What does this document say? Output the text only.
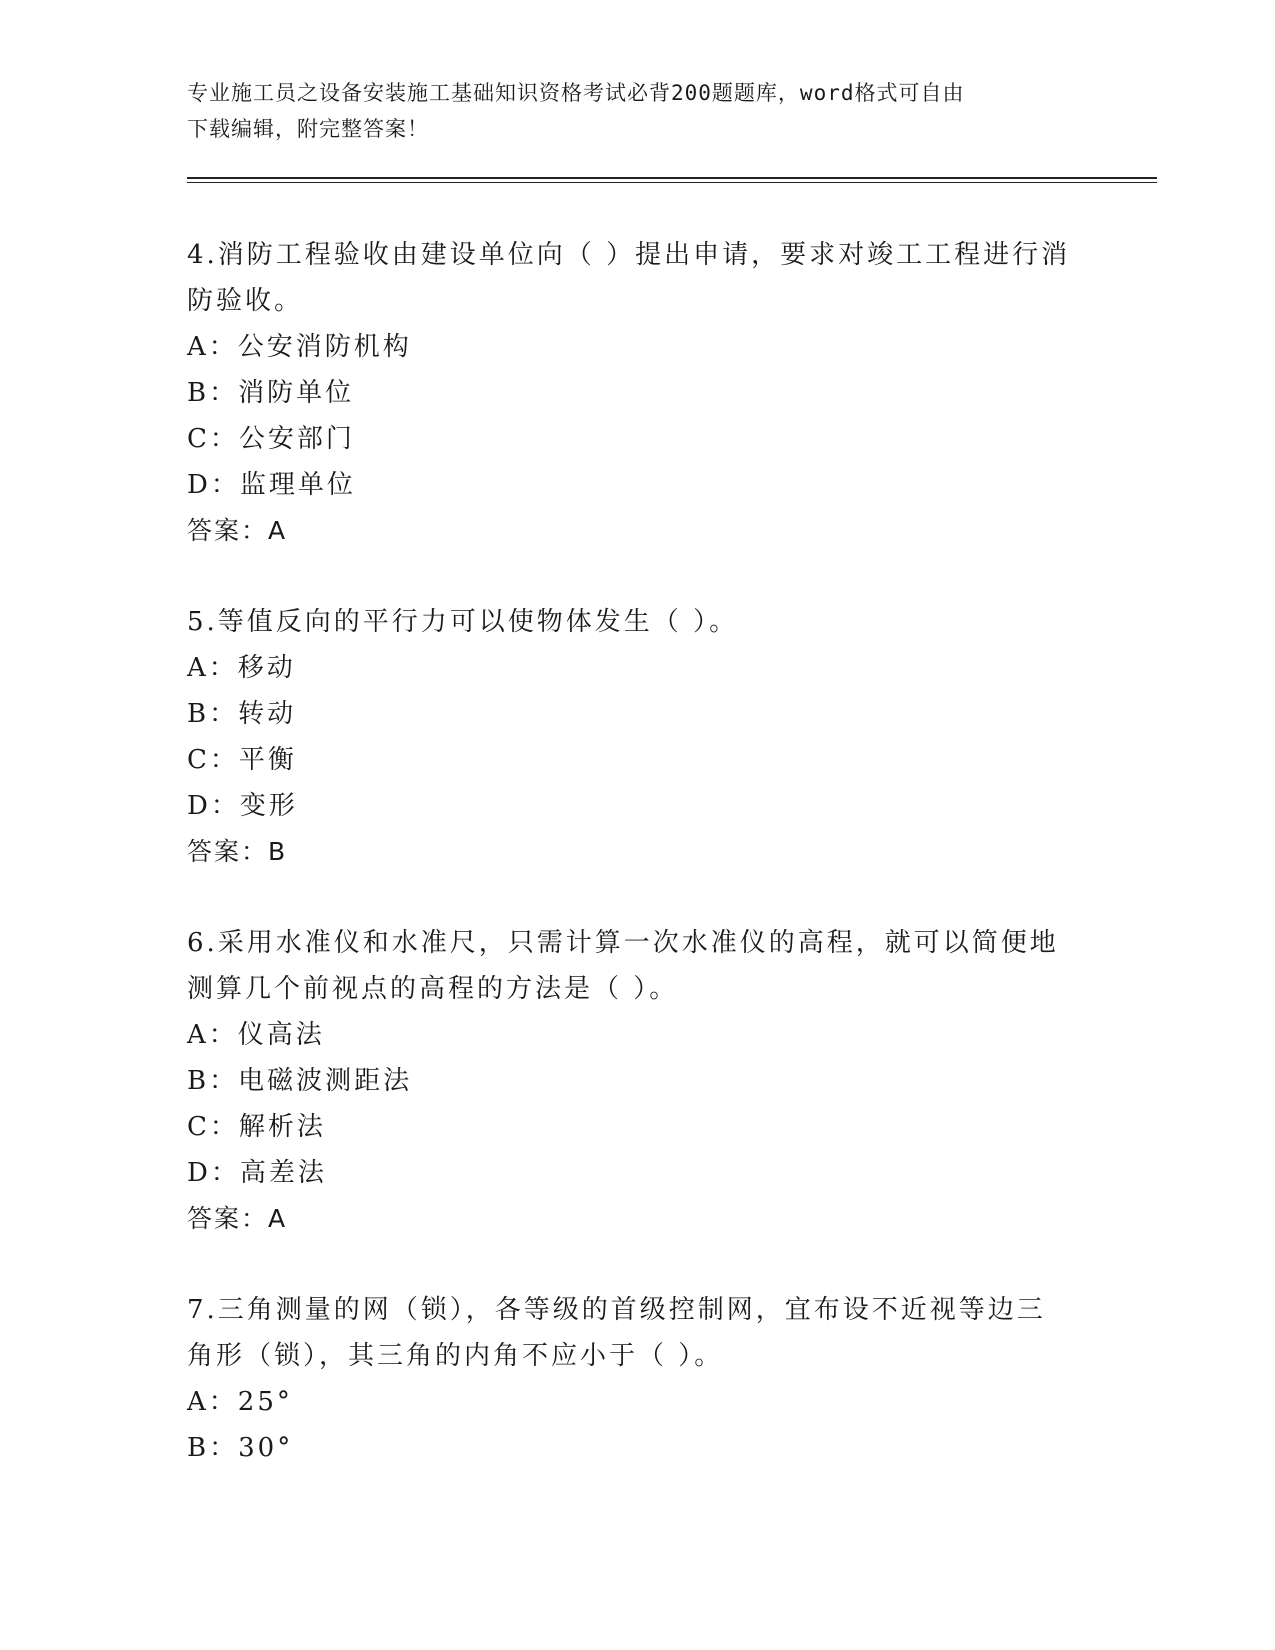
专业施工员之设备安装施工基础知识资格考试必背200题题库，word格式可自由
下载编辑，附完整答案！
4.消防工程验收由建设单位向（ ）提出申请，要求对竣工工程进行消
防验收。
A：公安消防机构
B：消防单位
C：公安部门
D：监理单位
答案：A
5.等值反向的平行力可以使物体发生（ ）。
A：移动
B：转动
C：平衡
D：变形
答案：B
6.采用水准仪和水准尺，只需计算一次水准仪的高程，就可以简便地
测算几个前视点的高程的方法是（ ）。
A：仪高法
B：电磁波测距法
C：解析法
D：高差法
答案：A
7.三角测量的网（锁），各等级的首级控制网，宜布设不近视等边三
角形（锁），其三角的内角不应小于（ ）。
A：25°
B：30°
